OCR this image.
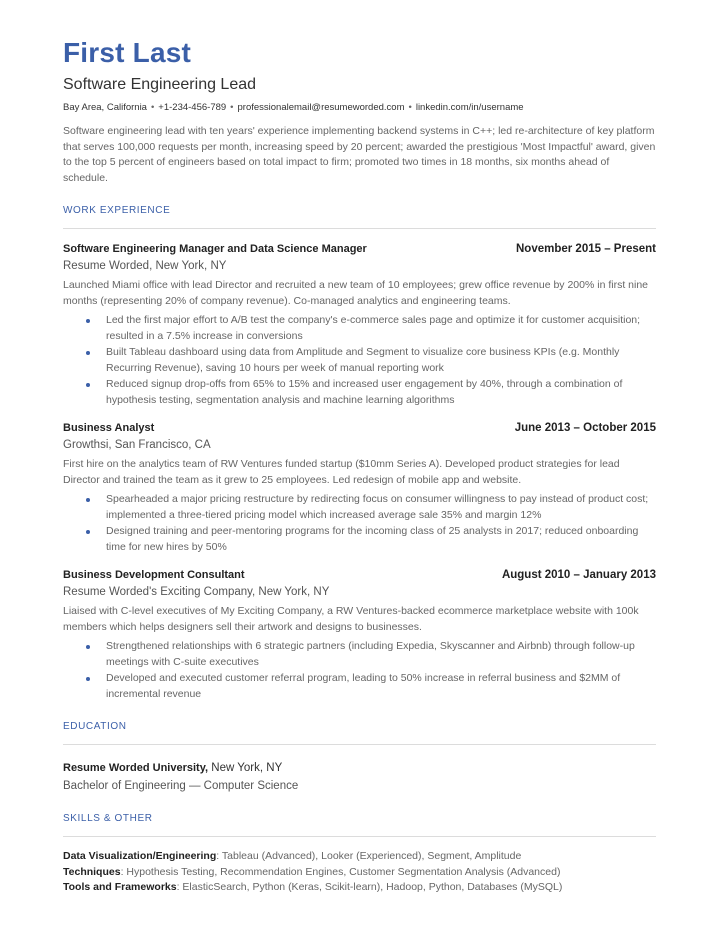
First Last
Software Engineering Lead
Bay Area, California • +1-234-456-789 • professionalemail@resumeworded.com • linkedin.com/in/username
Software engineering lead with ten years' experience implementing backend systems in C++; led re-architecture of key platform that serves 100,000 requests per month, increasing speed by 20 percent; awarded the prestigious 'Most Impactful' award, given to the top 5 percent of engineers based on total impact to firm; promoted two times in 18 months, six months ahead of schedule.
WORK EXPERIENCE
Software Engineering Manager and Data Science Manager	November 2015 – Present
Resume Worded, New York, NY
Launched Miami office with lead Director and recruited a new team of 10 employees; grew office revenue by 200% in first nine months (representing 20% of company revenue). Co-managed analytics and engineering teams.
Led the first major effort to A/B test the company's e-commerce sales page and optimize it for customer acquisition; resulted in a 7.5% increase in conversions
Built Tableau dashboard using data from Amplitude and Segment to visualize core business KPIs (e.g. Monthly Recurring Revenue), saving 10 hours per week of manual reporting work
Reduced signup drop-offs from 65% to 15% and increased user engagement by 40%, through a combination of hypothesis testing, segmentation analysis and machine learning algorithms
Business Analyst	June 2013 – October 2015
Growthsi, San Francisco, CA
First hire on the analytics team of RW Ventures funded startup ($10mm Series A). Developed product strategies for lead Director and trained the team as it grew to 25 employees. Led redesign of mobile app and website.
Spearheaded a major pricing restructure by redirecting focus on consumer willingness to pay instead of product cost; implemented a three-tiered pricing model which increased average sale 35% and margin 12%
Designed training and peer-mentoring programs for the incoming class of 25 analysts in 2017; reduced onboarding time for new hires by 50%
Business Development Consultant	August 2010 – January 2013
Resume Worded's Exciting Company, New York, NY
Liaised with C-level executives of My Exciting Company, a RW Ventures-backed ecommerce marketplace website with 100k members which helps designers sell their artwork and designs to businesses.
Strengthened relationships with 6 strategic partners (including Expedia, Skyscanner and Airbnb) through follow-up meetings with C-suite executives
Developed and executed customer referral program, leading to 50% increase in referral business and $2MM of incremental revenue
EDUCATION
Resume Worded University, New York, NY
Bachelor of Engineering — Computer Science
SKILLS & OTHER
Data Visualization/Engineering: Tableau (Advanced), Looker (Experienced), Segment, Amplitude
Techniques: Hypothesis Testing, Recommendation Engines, Customer Segmentation Analysis (Advanced)
Tools and Frameworks: ElasticSearch, Python (Keras, Scikit-learn), Hadoop, Python, Databases (MySQL)
